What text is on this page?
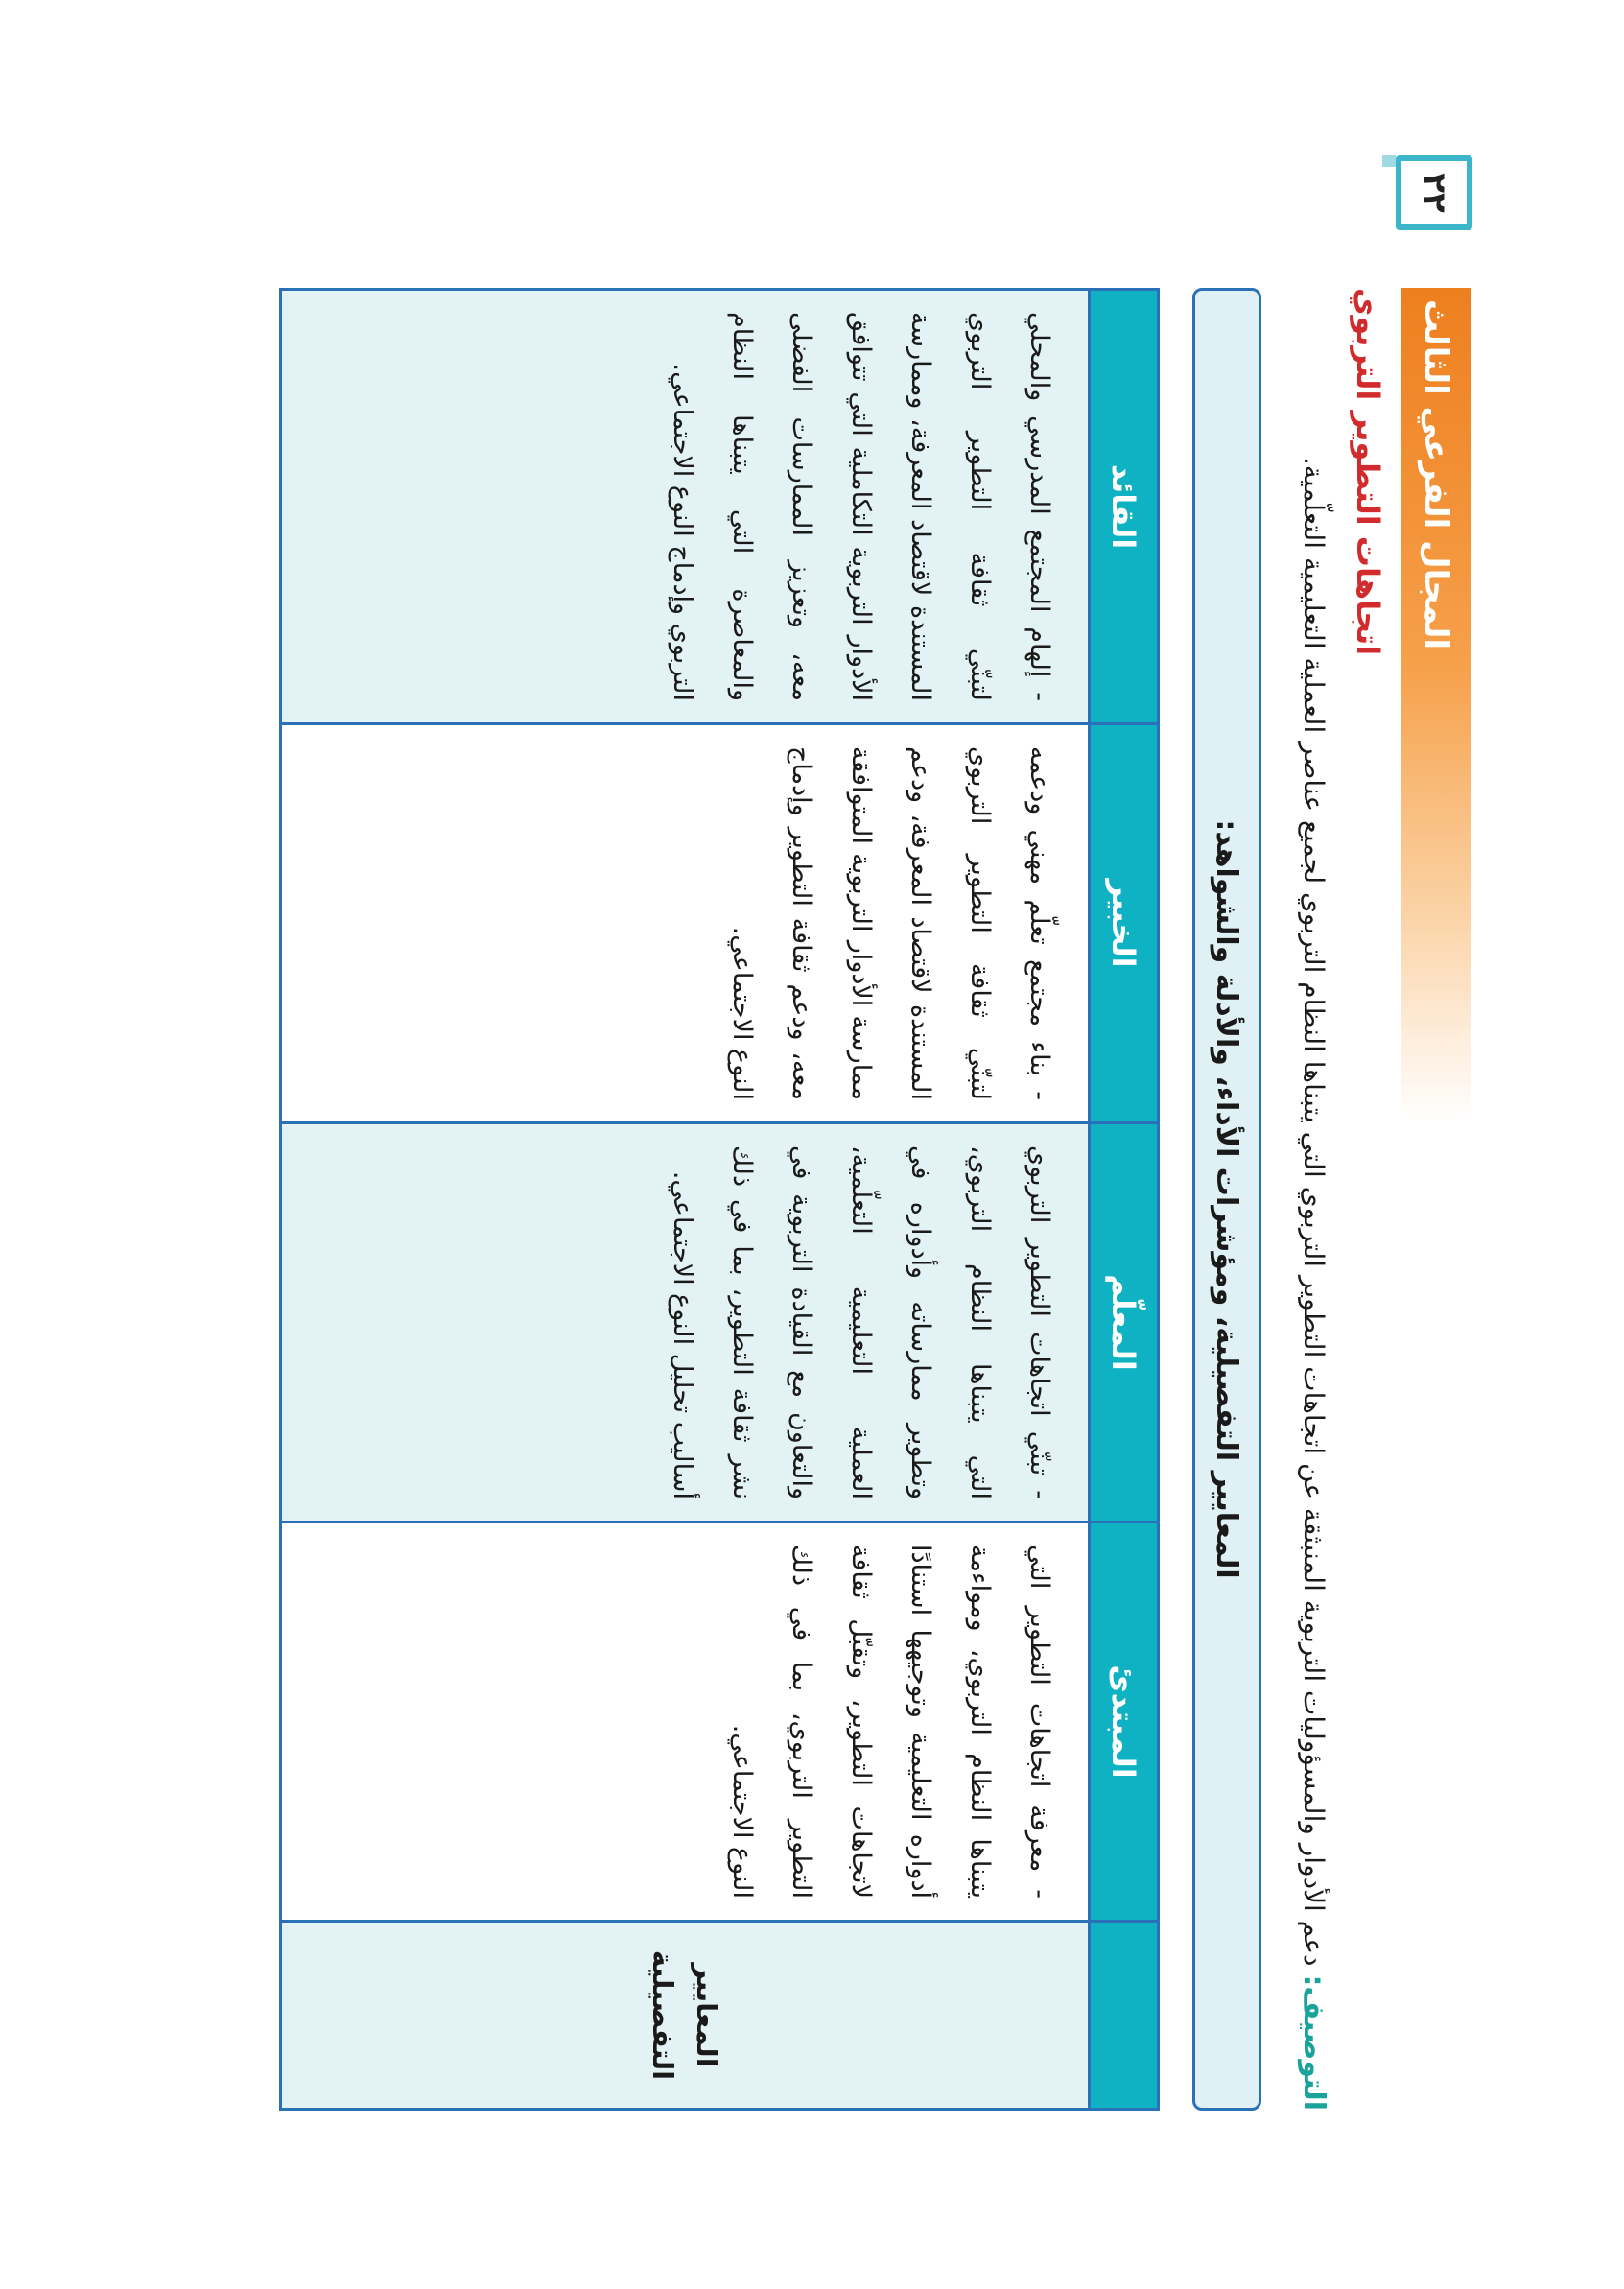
٢٢
المجال الفرعي الثالث
اتجاهات التطوير التربوي
التوصيف: دعم الأدوار والمسؤوليات التربوية المنبثقة عن اتجاهات التطوير التربوي التي يتبناها النظام التربوي لجميع عناصر العملية التعليمية التعلّمية.
المعايير التفصيلية، ومؤشرات الأداء، والأدلة والشواهد:
المعايير
التفصيلية
المبتدئ
- معرفة اتجاهات التطوير التي يتبناها النظام التربوي، ومواءمة أدواره التعليمية وتوجيهها استنادًا لاتجاهات التطوير، وتقبّل ثقافة التطوير التربوي، بما في ذلك النوع الاجتماعي.
المعلّم
- تبنّي اتجاهات التطوير التربوي التي يتبناها النظام التربوي، وتطوير ممارساته وأدواره في العملية التعليمية التعلّمية، والتعاون مع القيادة التربوية في نشر ثقافة التطوير، بما في ذلك أساليب تحليل النوع الاجتماعي.
الخبير
- بناء مجتمع تعلّم مهني ودعمه لتبنّي ثقافة التطوير التربوي المستندة لاقتصاد المعرفة، ودعم ممارسة الأدوار التربوية المتوافقة معه، ودعم ثقافة التطوير وإدماج النوع الاجتماعي.
القائد
- إلهام المجتمع المدرسي والمحلي لتبنّي ثقافة التطوير التربوي المستندة لاقتصاد المعرفة، وممارسة الأدوار التربوية التكاملية التي تتوافق معه، وتعزيز الممارسات الفضلى والمعاصرة التي يتبناها النظام التربوي وإدماج النوع الاجتماعي.
